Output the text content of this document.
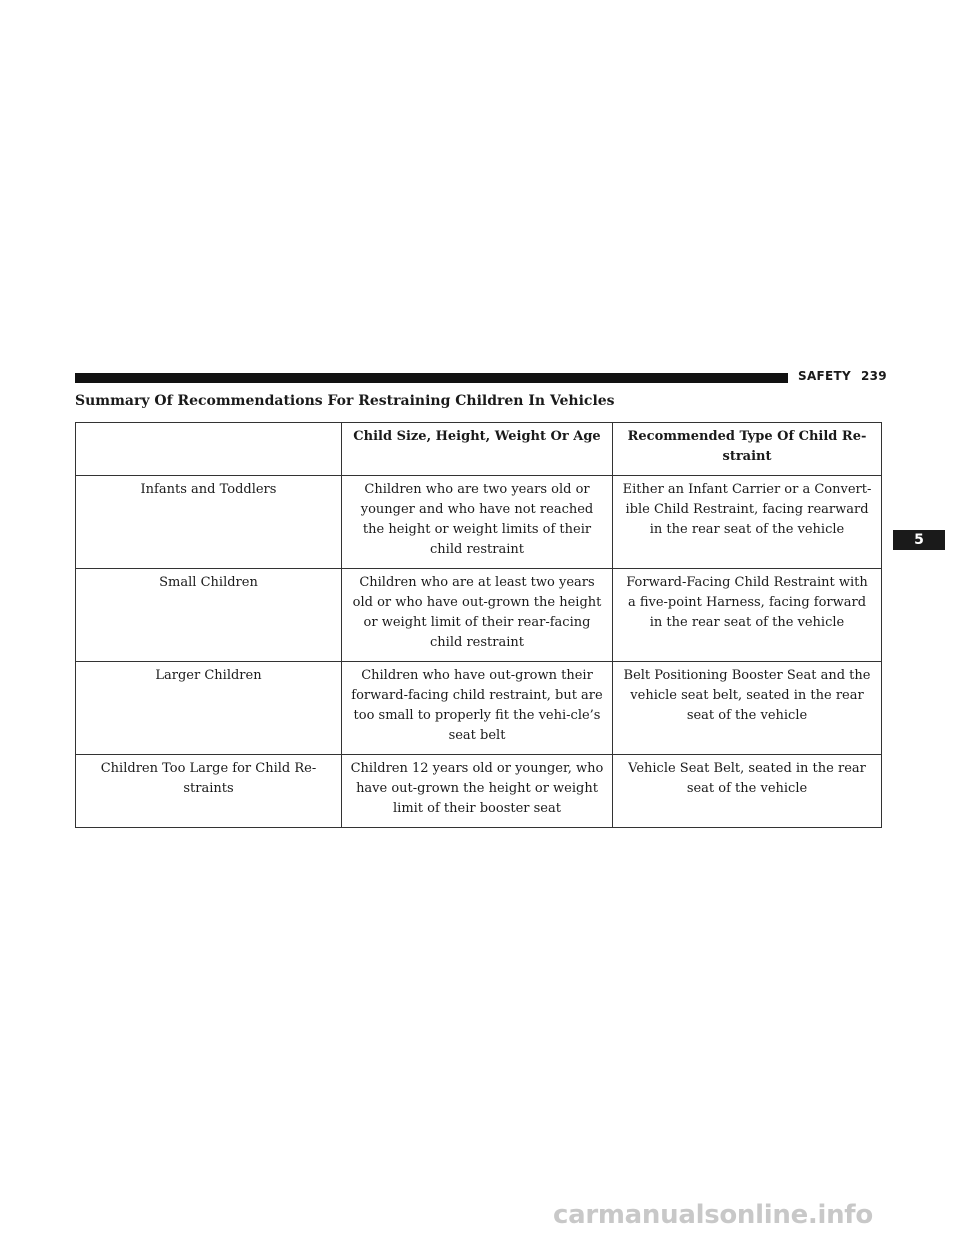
SAFETY 239
Summary Of Recommendations For Restraining Children In Vehicles
	Child Size, Height, Weight Or Age	Recommended Type Of Child Re-straint
Infants and Toddlers	Children who are two years old or younger and who have not reached the height or weight limits of their child restraint	Either an Infant Carrier or a Convert-ible Child Restraint, facing rearward in the rear seat of the vehicle
Small Children	Children who are at least two years old or who have out-grown the height or weight limit of their rear-facing child restraint	Forward-Facing Child Restraint with a five-point Harness, facing forward in the rear seat of the vehicle
Larger Children	Children who have out-grown their forward-facing child restraint, but are too small to properly fit the vehi-cle’s seat belt	Belt Positioning Booster Seat and the vehicle seat belt, seated in the rear seat of the vehicle
Children Too Large for Child Re-straints	Children 12 years old or younger, who have out-grown the height or weight limit of their booster seat	Vehicle Seat Belt, seated in the rear seat of the vehicle
5
carmanualsonline.info
